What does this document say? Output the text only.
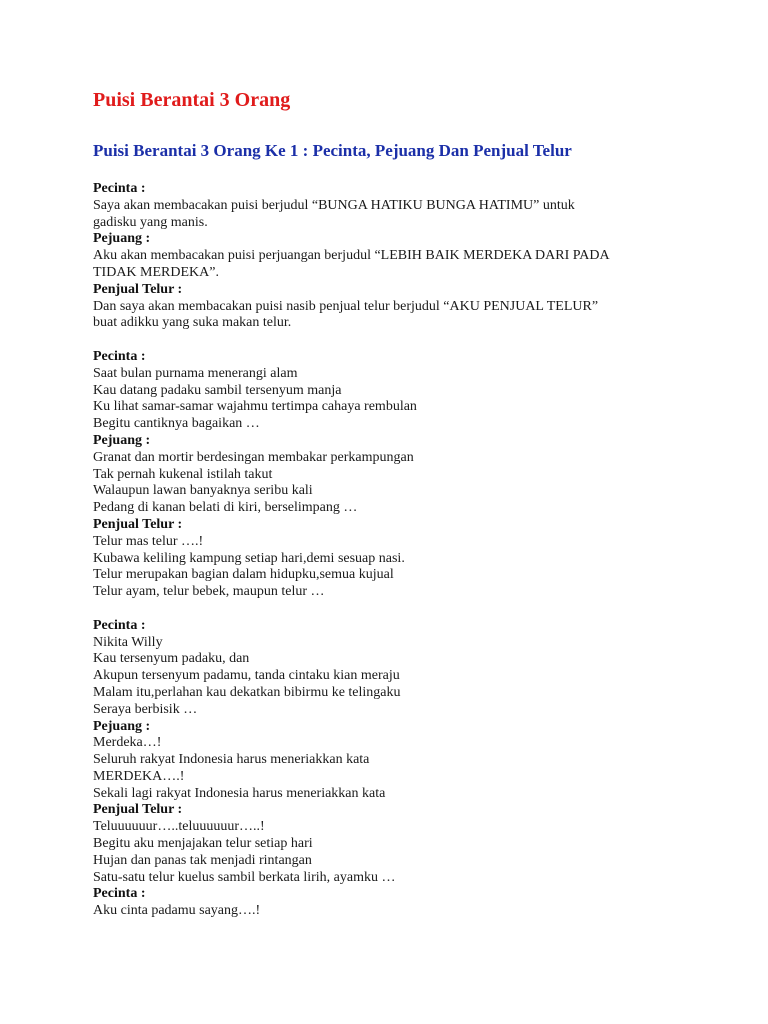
Puisi Berantai 3 Orang
Puisi Berantai 3 Orang Ke 1 : Pecinta, Pejuang Dan Penjual Telur

Pecinta :

Saya akan membacakan puisi berjudul “BUNGA HATIKU BUNGA HATIMU” untuk

gadisku yang manis.

Pejuang :

Aku akan membacakan puisi perjuangan berjudul “LEBIH BAIK MERDEKA DARI PADA

TIDAK MERDEKA”.

Penjual Telur :

Dan saya akan membacakan puisi nasib penjual telur berjudul “AKU PENJUAL TELUR”

buat adikku yang suka makan telur.

Pecinta :

Saat bulan purnama menerangi alam

Kau datang padaku sambil tersenyum manja

Ku lihat samar-samar wajahmu tertimpa cahaya rembulan

Begitu cantiknya bagaikan …

Pejuang :

Granat dan mortir berdesingan membakar perkampungan

Tak pernah kukenal istilah takut

Walaupun lawan banyaknya seribu kali

Pedang di kanan belati di kiri, berselimpang …

Penjual Telur :

Telur mas telur ….!

Kubawa keliling kampung setiap hari,demi sesuap nasi.

Telur merupakan bagian dalam hidupku,semua kujual

Telur ayam, telur bebek, maupun telur …

Pecinta :

Nikita Willy

Kau tersenyum padaku, dan

Akupun tersenyum padamu, tanda cintaku kian meraju

Malam itu,perlahan kau dekatkan bibirmu ke telingaku

Seraya berbisik …

Pejuang :

Merdeka…!

Seluruh rakyat Indonesia harus meneriakkan kata

MERDEKA….!

Sekali lagi rakyat Indonesia harus meneriakkan kata

Penjual Telur :

Teluuuuuur…..teluuuuuur…..!

Begitu aku menjajakan telur setiap hari

Hujan dan panas tak menjadi rintangan

Satu-satu telur kuelus sambil berkata lirih, ayamku …

Pecinta :

Aku cinta padamu sayang….!
